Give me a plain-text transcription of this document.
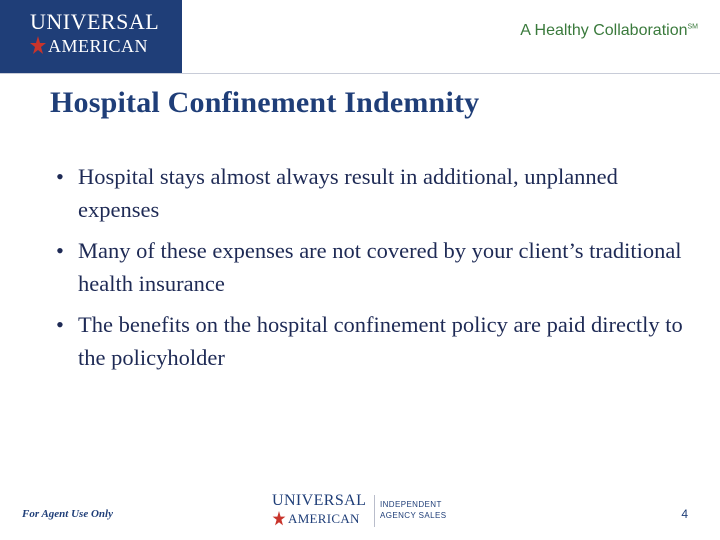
UNIVERSAL
AMERICAN
A Healthy Collaboration℠
Hospital Confinement Indemnity
• Hospital stays almost always result in additional, unplanned expenses
• Many of these expenses are not covered by your client’s traditional health insurance
• The benefits on the hospital confinement policy are paid directly to the policyholder
For Agent Use Only
UNIVERSAL
AMERICAN
INDEPENDENT
AGENCY SALES	4
